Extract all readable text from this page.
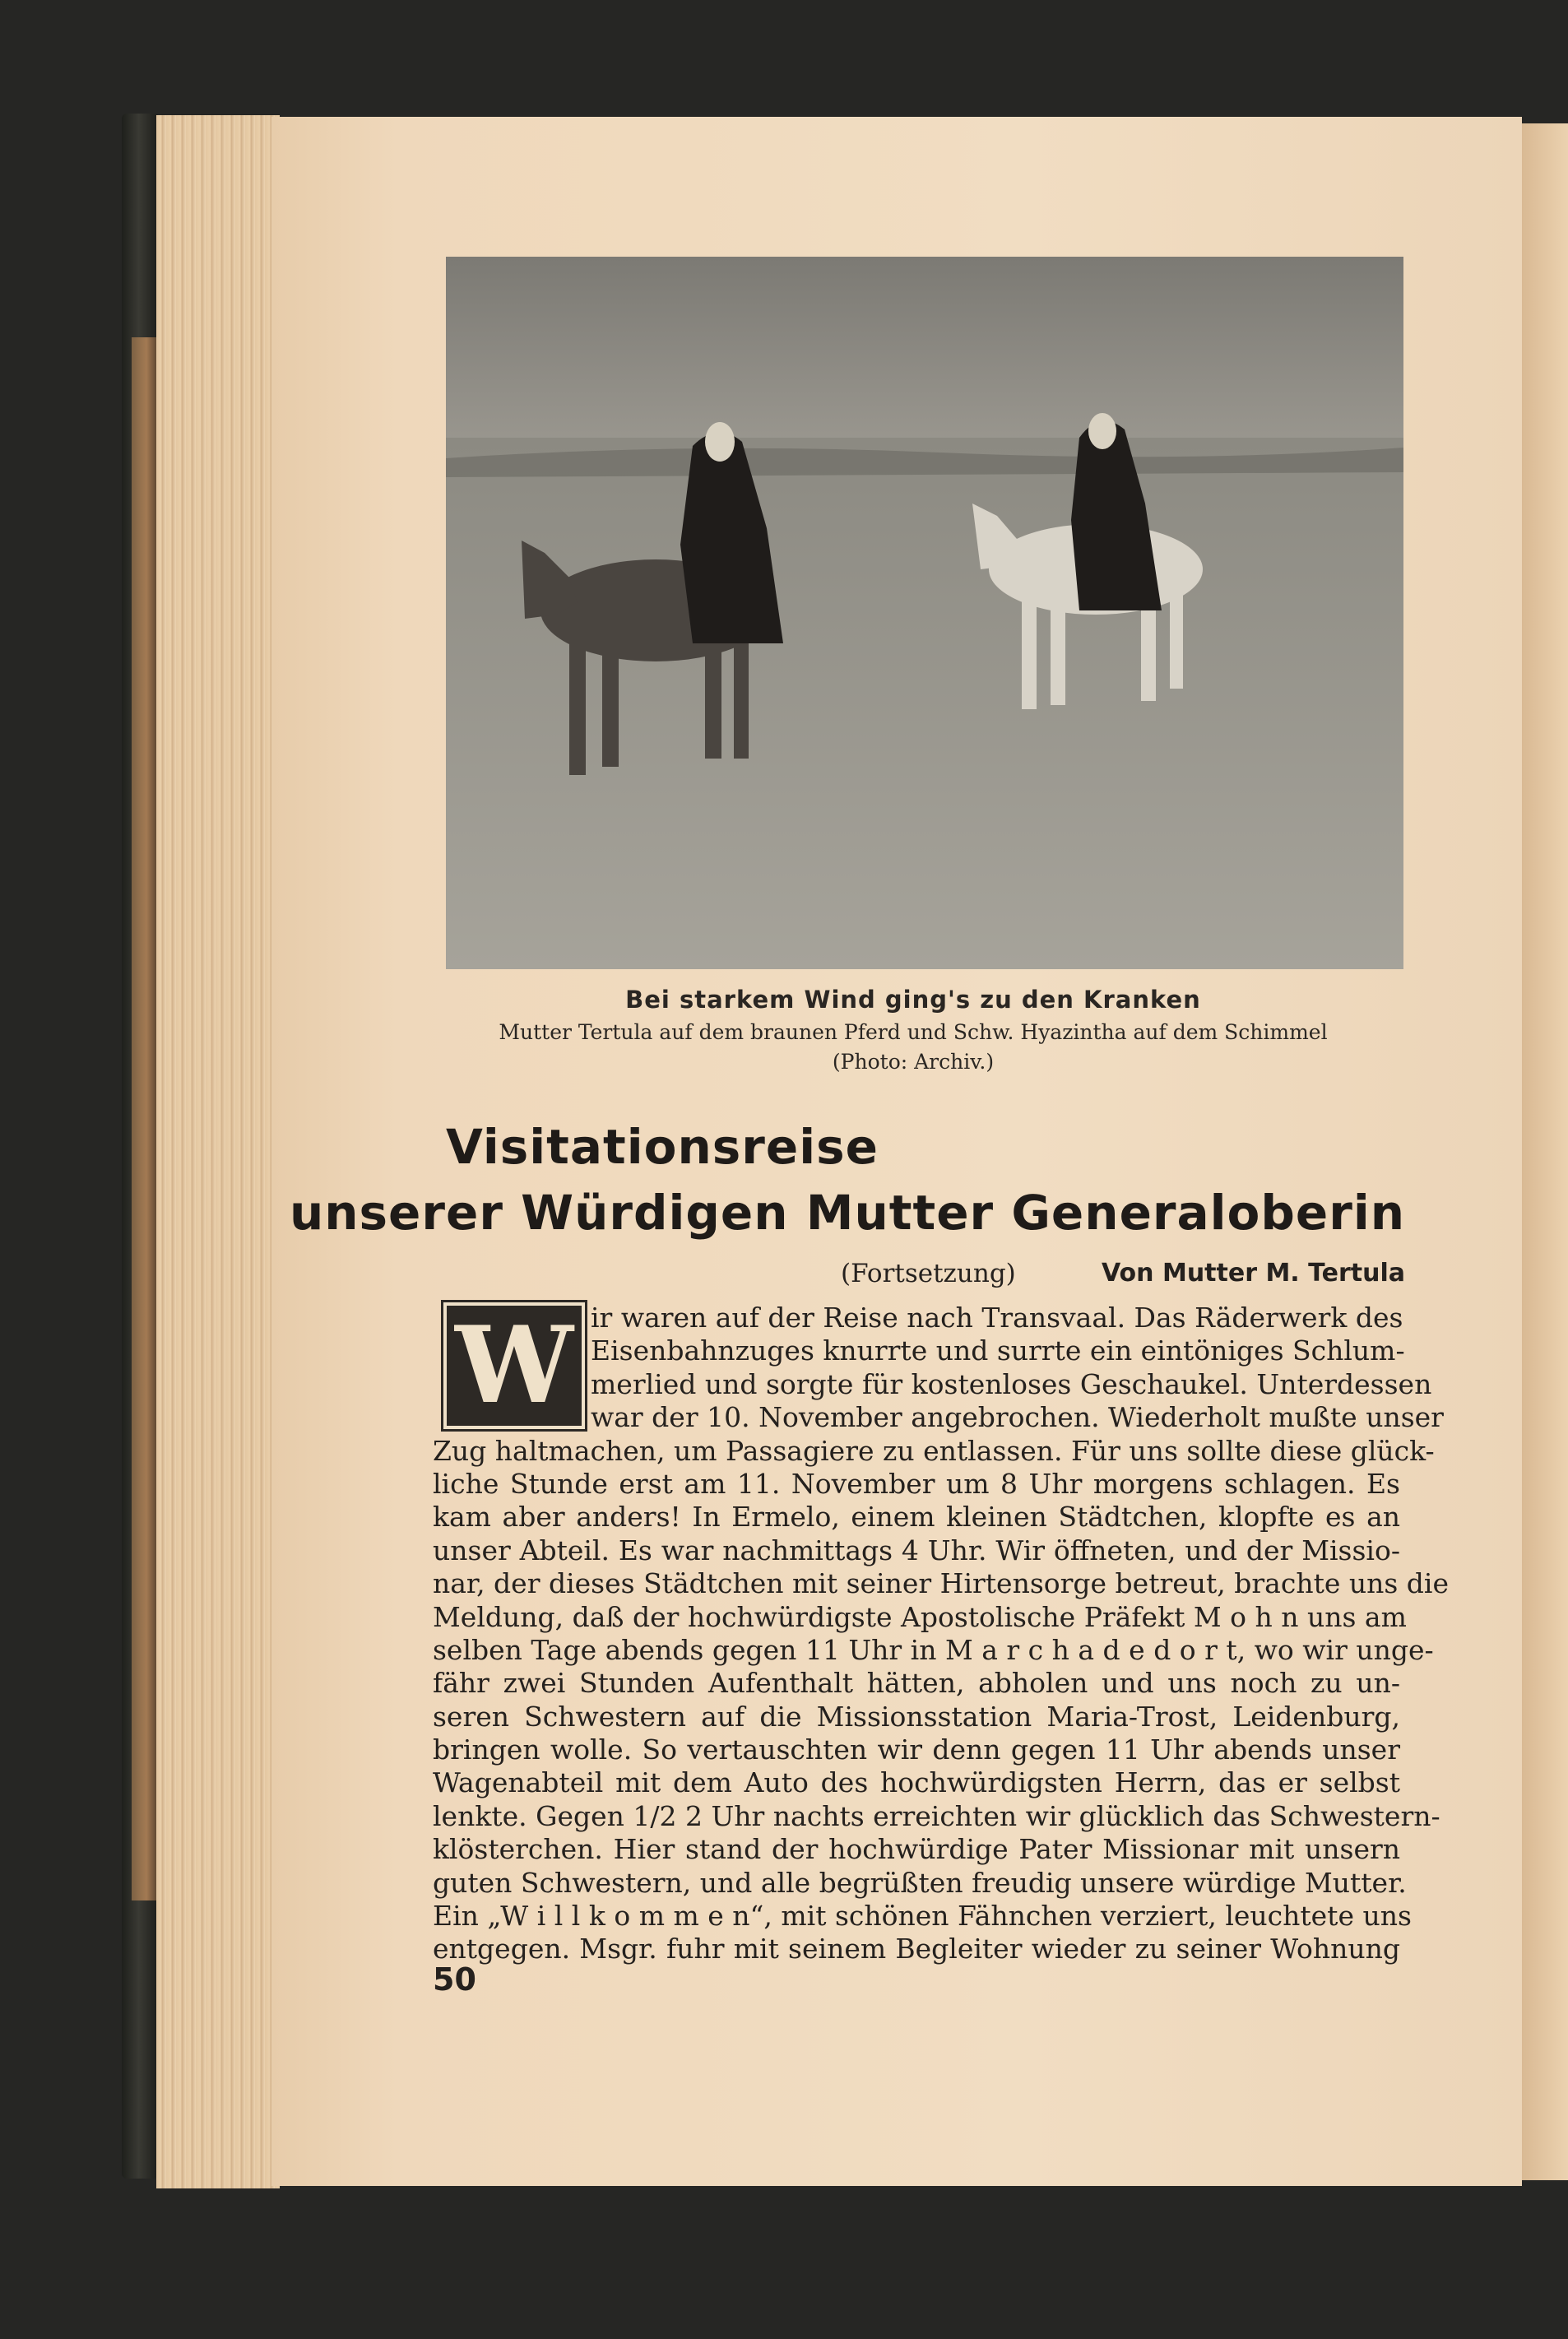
Bei starkem Wind ging's zu den Kranken
Mutter Tertula auf dem braunen Pferd und Schw. Hyazintha auf dem Schimmel
(Photo: Archiv.)
Visitationsreise
unserer Würdigen Mutter Generaloberin
(Fortsetzung)	Von Mutter M. Tertula
W ir waren auf der Reise nach Transvaal. Das Räderwerk des
Eisenbahnzuges knurrte und surrte ein eintöniges Schlum-
merlied und sorgte für kostenloses Geschaukel. Unterdessen
war der 10. November angebrochen. Wiederholt mußte unser
Zug haltmachen, um Passagiere zu entlassen. Für uns sollte diese glück-
liche Stunde erst am 11. November um 8 Uhr morgens schlagen. Es
kam aber anders! In Ermelo, einem kleinen Städtchen, klopfte es an
unser Abteil. Es war nachmittags 4 Uhr. Wir öffneten, und der Missio-
nar, der dieses Städtchen mit seiner Hirtensorge betreut, brachte uns die
Meldung, daß der hochwürdigste Apostolische Präfekt M o h n uns am
selben Tage abends gegen 11 Uhr in M a r c h a d e d o r t, wo wir unge-
fähr zwei Stunden Aufenthalt hätten, abholen und uns noch zu un-
seren Schwestern auf die Missionsstation Maria-Trost, Leidenburg,
bringen wolle. So vertauschten wir denn gegen 11 Uhr abends unser
Wagenabteil mit dem Auto des hochwürdigsten Herrn, das er selbst
lenkte. Gegen 1/2 2 Uhr nachts erreichten wir glücklich das Schwestern-
klösterchen. Hier stand der hochwürdige Pater Missionar mit unsern
guten Schwestern, und alle begrüßten freudig unsere würdige Mutter.
Ein „W i l l k o m m e n“, mit schönen Fähnchen verziert, leuchtete uns
entgegen. Msgr. fuhr mit seinem Begleiter wieder zu seiner Wohnung
50
